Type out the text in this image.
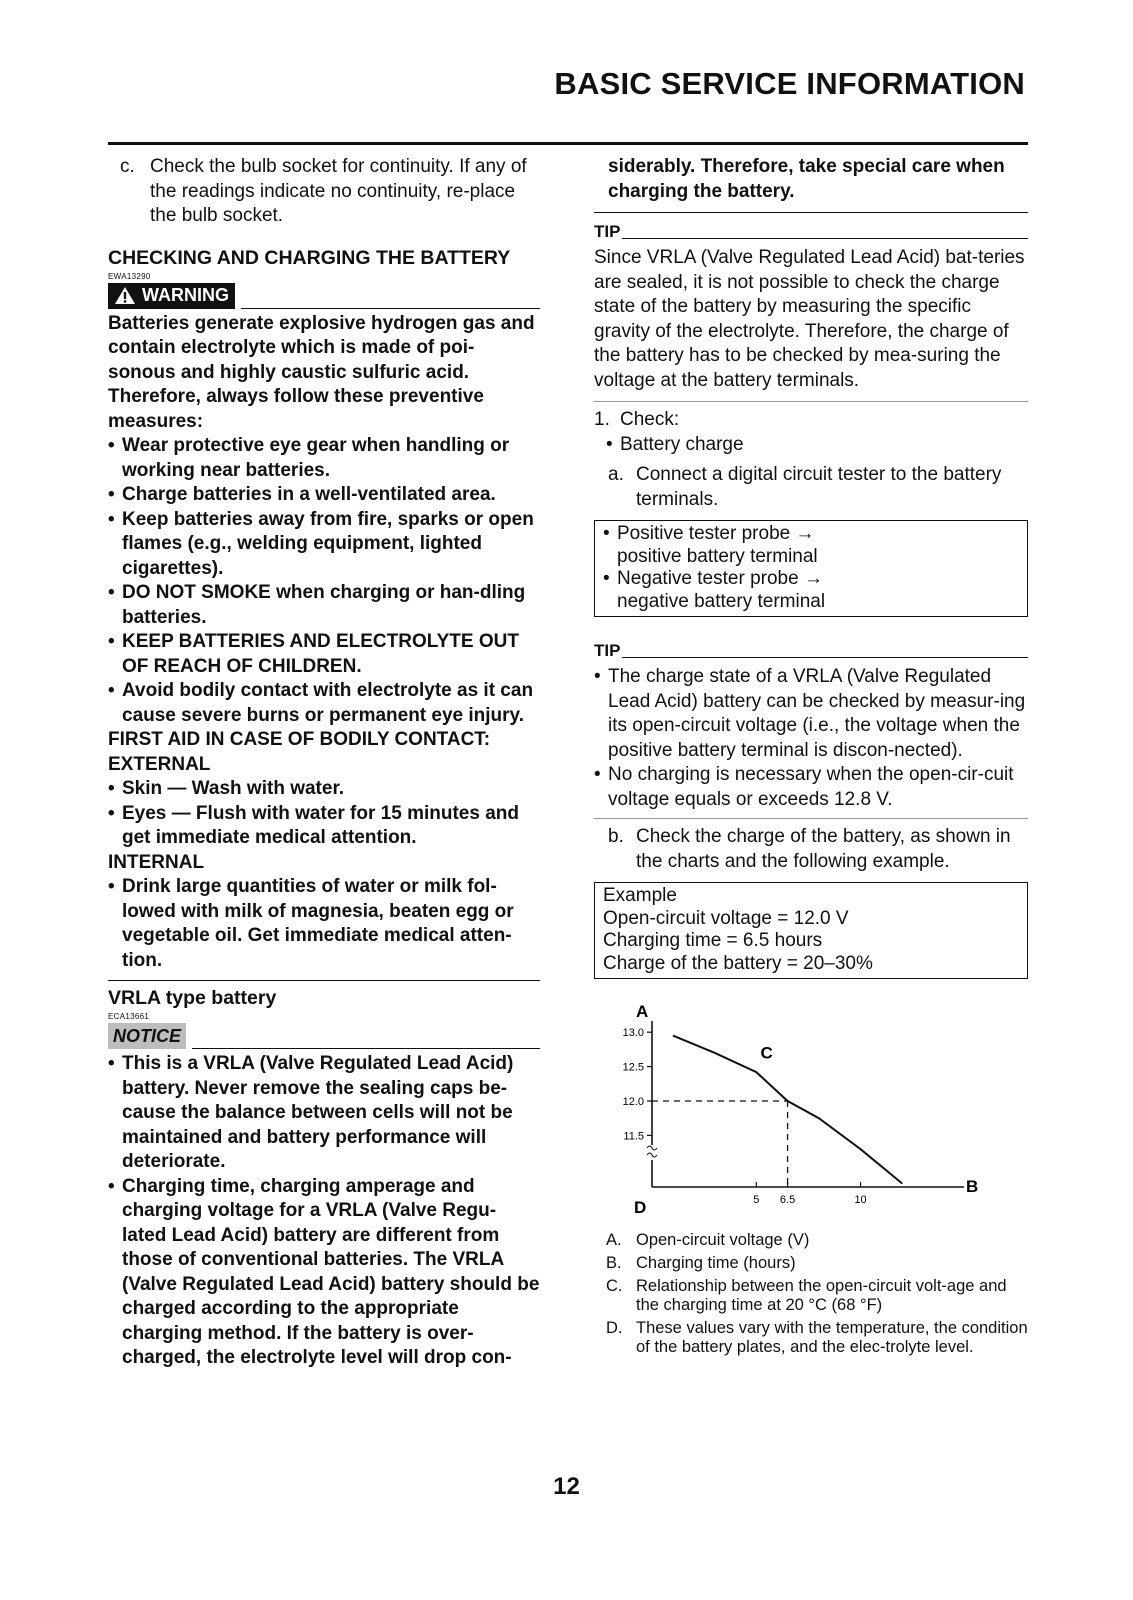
BASIC SERVICE INFORMATION
c. Check the bulb socket for continuity. If any of the readings indicate no continuity, re-place the bulb socket.

CHECKING AND CHARGING THE BATTERY

EWA13290

WARNING

Batteries generate explosive hydrogen gas and contain electrolyte which is made of poi-sonous and highly caustic sulfuric acid. Therefore, always follow these preventive measures:

• Wear protective eye gear when handling or working near batteries.
• Charge batteries in a well-ventilated area.
• Keep batteries away from fire, sparks or open flames (e.g., welding equipment, lighted cigarettes).
• DO NOT SMOKE when charging or han-dling batteries.
• KEEP BATTERIES AND ELECTROLYTE OUT OF REACH OF CHILDREN.
• Avoid bodily contact with electrolyte as it can cause severe burns or permanent eye injury.

FIRST AID IN CASE OF BODILY CONTACT:

EXTERNAL

• Skin — Wash with water.
• Eyes — Flush with water for 15 minutes and get immediate medical attention.

INTERNAL

• Drink large quantities of water or milk fol-lowed with milk of magnesia, beaten egg or vegetable oil. Get immediate medical atten-tion.

VRLA type battery

ECA13661

NOTICE
• This is a VRLA (Valve Regulated Lead Acid) battery. Never remove the sealing caps be-cause the balance between cells will not be maintained and battery performance will deteriorate.
• Charging time, charging amperage and charging voltage for a VRLA (Valve Regu-lated Lead Acid) battery are different from those of conventional batteries. The VRLA (Valve Regulated Lead Acid) battery should be charged according to the appropriate charging method. If the battery is over-charged, the electrolyte level will drop con-

siderably. Therefore, take special care when charging the battery.

TIP

Since VRLA (Valve Regulated Lead Acid) bat-teries are sealed, it is not possible to check the charge state of the battery by measuring the specific gravity of the electrolyte. Therefore, the charge of the battery has to be checked by mea-suring the voltage at the battery terminals.

1. Check:
• Battery charge
a. Connect a digital circuit tester to the battery terminals.
• Positive tester probe →
positive battery terminal
• Negative tester probe →
negative battery terminal
TIP
• The charge state of a VRLA (Valve Regulated Lead Acid) battery can be checked by measur-ing its open-circuit voltage (i.e., the voltage when the positive battery terminal is discon-nected).
• No charging is necessary when the open-cir-cuit voltage equals or exceeds 12.8 V.
b. Check the charge of the battery, as shown in the charts and the following example.
Example
Open-circuit voltage = 12.0 V
Charging time = 6.5 hours
Charge of the battery = 20–30%
A
B
D
C
13.0
12.5
12.0
11.5
5 6.5	10
A. Open-circuit voltage (V)
B. Charging time (hours)
C. Relationship between the open-circuit volt-age and the charging time at 20 °C (68 °F)
D. These values vary with the temperature, the condition of the battery plates, and the elec-trolyte level.
12
